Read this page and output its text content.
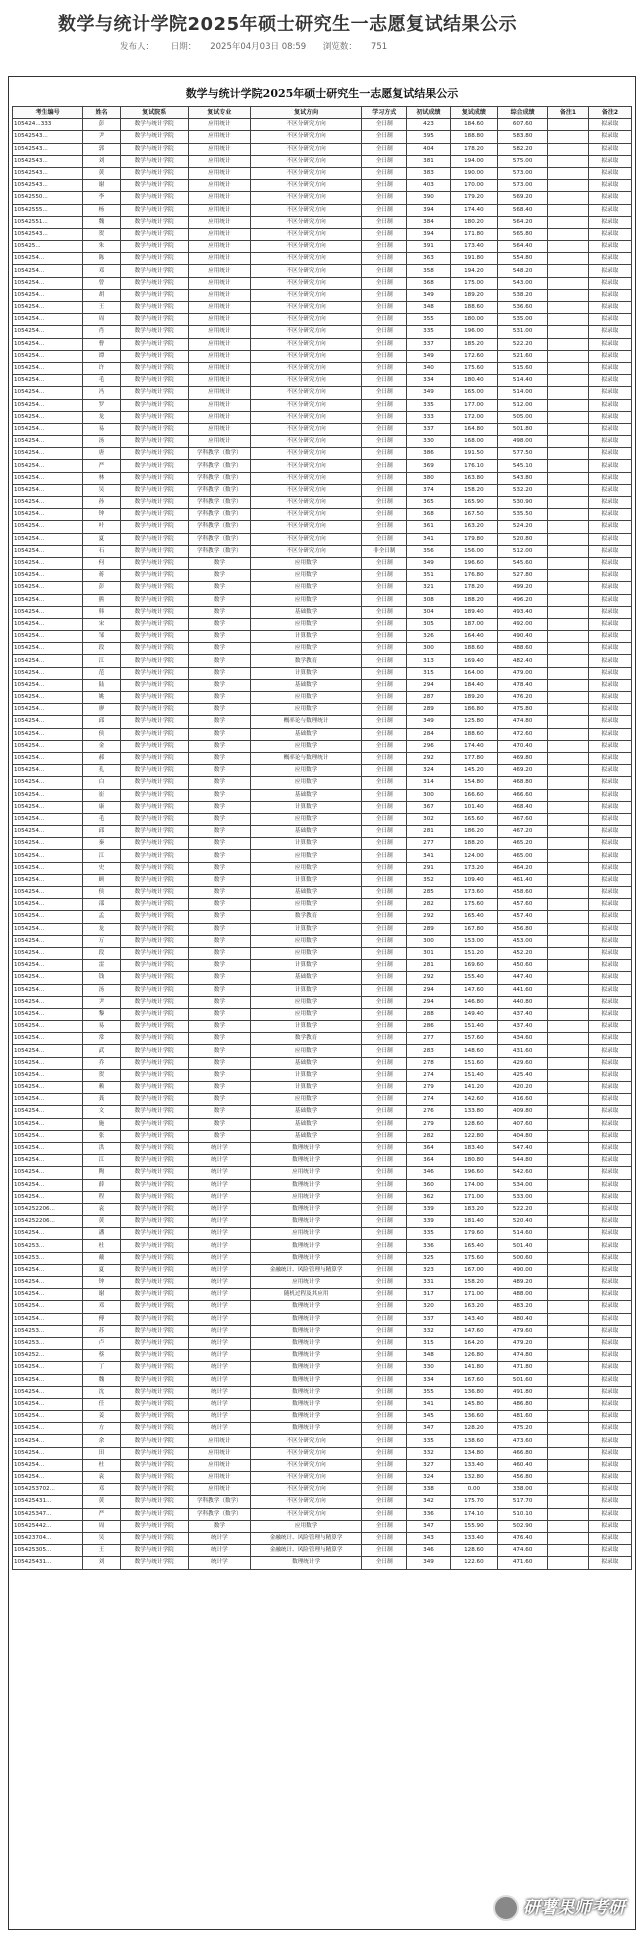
数学与统计学院2025年硕士研究生一志愿复试结果公示
发布人： 日期： 2025年04月03日 08:59 浏览数： 751
数学与统计学院2025年硕士研究生一志愿复试结果公示
考生编号	姓名	复试院系	复试专业	复试方向	学习方式	初试成绩	复试成绩	综合成绩	备注1	备注2
105424...333	彭	数学与统计学院	应用统计	不区分研究方向	全日制	423	184.60	607.60		拟录取
10542543...	尹	数学与统计学院	应用统计	不区分研究方向	全日制	395	188.80	583.80		拟录取
10542543...	郭	数学与统计学院	应用统计	不区分研究方向	全日制	404	178.20	582.20		拟录取
10542543...	刘	数学与统计学院	应用统计	不区分研究方向	全日制	381	194.00	575.00		拟录取
10542543...	黄	数学与统计学院	应用统计	不区分研究方向	全日制	383	190.00	573.00		拟录取
10542543...	谢	数学与统计学院	应用统计	不区分研究方向	全日制	403	170.00	573.00		拟录取
10542550...	李	数学与统计学院	应用统计	不区分研究方向	全日制	390	179.20	569.20		拟录取
10542555...	杨	数学与统计学院	应用统计	不区分研究方向	全日制	394	174.40	568.40		拟录取
10542551...	魏	数学与统计学院	应用统计	不区分研究方向	全日制	384	180.20	564.20		拟录取
10542543...	贺	数学与统计学院	应用统计	不区分研究方向	全日制	394	171.80	565.80		拟录取
105425...	朱	数学与统计学院	应用统计	不区分研究方向	全日制	391	173.40	564.40		拟录取
1054254...	陈	数学与统计学院	应用统计	不区分研究方向	全日制	363	191.80	554.80		拟录取
1054254...	邓	数学与统计学院	应用统计	不区分研究方向	全日制	358	194.20	548.20		拟录取
1054254...	曾	数学与统计学院	应用统计	不区分研究方向	全日制	368	175.00	543.00		拟录取
1054254...	胡	数学与统计学院	应用统计	不区分研究方向	全日制	349	189.20	538.20		拟录取
1054254...	王	数学与统计学院	应用统计	不区分研究方向	全日制	348	188.60	536.60		拟录取
1054254...	周	数学与统计学院	应用统计	不区分研究方向	全日制	355	180.00	535.00		拟录取
1054254...	肖	数学与统计学院	应用统计	不区分研究方向	全日制	335	196.00	531.00		拟录取
1054254...	曹	数学与统计学院	应用统计	不区分研究方向	全日制	337	185.20	522.20		拟录取
1054254...	谭	数学与统计学院	应用统计	不区分研究方向	全日制	349	172.60	521.60		拟录取
1054254...	许	数学与统计学院	应用统计	不区分研究方向	全日制	340	175.60	515.60		拟录取
1054254...	毛	数学与统计学院	应用统计	不区分研究方向	全日制	334	180.40	514.40		拟录取
1054254...	冯	数学与统计学院	应用统计	不区分研究方向	全日制	349	165.00	514.00		拟录取
1054254...	罗	数学与统计学院	应用统计	不区分研究方向	全日制	335	177.00	512.00		拟录取
1054254...	龙	数学与统计学院	应用统计	不区分研究方向	全日制	333	172.00	505.00		拟录取
1054254...	易	数学与统计学院	应用统计	不区分研究方向	全日制	337	164.80	501.80		拟录取
1054254...	汤	数学与统计学院	应用统计	不区分研究方向	全日制	330	168.00	498.00		拟录取
1054254...	唐	数学与统计学院	学科教学（数学）	不区分研究方向	全日制	386	191.50	577.50		拟录取
1054254...	严	数学与统计学院	学科教学（数学）	不区分研究方向	全日制	369	176.10	545.10		拟录取
1054254...	林	数学与统计学院	学科教学（数学）	不区分研究方向	全日制	380	163.80	543.80		拟录取
1054254...	吴	数学与统计学院	学科教学（数学）	不区分研究方向	全日制	374	158.20	532.20		拟录取
1054254...	孙	数学与统计学院	学科教学（数学）	不区分研究方向	全日制	365	165.90	530.90		拟录取
1054254...	钟	数学与统计学院	学科教学（数学）	不区分研究方向	全日制	368	167.50	535.50		拟录取
1054254...	叶	数学与统计学院	学科教学（数学）	不区分研究方向	全日制	361	163.20	524.20		拟录取
1054254...	夏	数学与统计学院	学科教学（数学）	不区分研究方向	全日制	341	179.80	520.80		拟录取
1054254...	石	数学与统计学院	学科教学（数学）	不区分研究方向	非全日制	356	156.00	512.00		拟录取
1054254...	何	数学与统计学院	数学	应用数学	全日制	349	196.60	545.60		拟录取
1054254...	蒋	数学与统计学院	数学	应用数学	全日制	351	176.80	527.80		拟录取
1054254...	彭	数学与统计学院	数学	应用数学	全日制	321	178.20	499.20		拟录取
1054254...	熊	数学与统计学院	数学	应用数学	全日制	308	188.20	496.20		拟录取
1054254...	韩	数学与统计学院	数学	基础数学	全日制	304	189.40	493.40		拟录取
1054254...	宋	数学与统计学院	数学	应用数学	全日制	305	187.00	492.00		拟录取
1054254...	邹	数学与统计学院	数学	计算数学	全日制	326	164.40	490.40		拟录取
1054254...	段	数学与统计学院	数学	应用数学	全日制	300	188.60	488.60		拟录取
1054254...	江	数学与统计学院	数学	数学教育	全日制	313	169.40	482.40		拟录取
1054254...	范	数学与统计学院	数学	计算数学	全日制	315	164.00	479.00		拟录取
1054254...	陆	数学与统计学院	数学	基础数学	全日制	294	184.40	478.40		拟录取
1054254...	姚	数学与统计学院	数学	应用数学	全日制	287	189.20	476.20		拟录取
1054254...	廖	数学与统计学院	数学	应用数学	全日制	289	186.80	475.80		拟录取
1054254...	邱	数学与统计学院	数学	概率论与数理统计	全日制	349	125.80	474.80		拟录取
1054254...	侯	数学与统计学院	数学	基础数学	全日制	284	188.60	472.60		拟录取
1054254...	金	数学与统计学院	数学	应用数学	全日制	296	174.40	470.40		拟录取
1054254...	郝	数学与统计学院	数学	概率论与数理统计	全日制	292	177.80	469.80		拟录取
1054254...	孔	数学与统计学院	数学	应用数学	全日制	324	145.20	469.20		拟录取
1054254...	白	数学与统计学院	数学	应用数学	全日制	314	154.80	468.80		拟录取
1054254...	崔	数学与统计学院	数学	基础数学	全日制	300	166.60	466.60		拟录取
1054254...	康	数学与统计学院	数学	计算数学	全日制	367	101.40	468.40		拟录取
1054254...	毛	数学与统计学院	数学	应用数学	全日制	302	165.60	467.60		拟录取
1054254...	邱	数学与统计学院	数学	基础数学	全日制	281	186.20	467.20		拟录取
1054254...	秦	数学与统计学院	数学	计算数学	全日制	277	188.20	465.20		拟录取
1054254...	江	数学与统计学院	数学	应用数学	全日制	341	124.00	465.00		拟录取
1054254...	史	数学与统计学院	数学	应用数学	全日制	291	173.20	464.20		拟录取
1054254...	顾	数学与统计学院	数学	计算数学	全日制	352	109.40	461.40		拟录取
1054254...	侯	数学与统计学院	数学	基础数学	全日制	285	173.60	458.60		拟录取
1054254...	邵	数学与统计学院	数学	应用数学	全日制	282	175.60	457.60		拟录取
1054254...	孟	数学与统计学院	数学	数学教育	全日制	292	165.40	457.40		拟录取
1054254...	龙	数学与统计学院	数学	计算数学	全日制	289	167.80	456.80		拟录取
1054254...	万	数学与统计学院	数学	应用数学	全日制	300	153.00	453.00		拟录取
1054254...	段	数学与统计学院	数学	应用数学	全日制	301	151.20	452.20		拟录取
1054254...	雷	数学与统计学院	数学	计算数学	全日制	281	169.60	450.60		拟录取
1054254...	钱	数学与统计学院	数学	基础数学	全日制	292	155.40	447.40		拟录取
1054254...	汤	数学与统计学院	数学	计算数学	全日制	294	147.60	441.60		拟录取
1054254...	尹	数学与统计学院	数学	应用数学	全日制	294	146.80	440.80		拟录取
1054254...	黎	数学与统计学院	数学	应用数学	全日制	288	149.40	437.40		拟录取
1054254...	易	数学与统计学院	数学	计算数学	全日制	286	151.40	437.40		拟录取
1054254...	常	数学与统计学院	数学	数学教育	全日制	277	157.60	434.60		拟录取
1054254...	武	数学与统计学院	数学	应用数学	全日制	283	148.60	431.60		拟录取
1054254...	乔	数学与统计学院	数学	基础数学	全日制	278	151.60	429.60		拟录取
1054254...	贺	数学与统计学院	数学	计算数学	全日制	274	151.40	425.40		拟录取
1054254...	赖	数学与统计学院	数学	计算数学	全日制	279	141.20	420.20		拟录取
1054254...	龚	数学与统计学院	数学	应用数学	全日制	274	142.60	416.60		拟录取
1054254...	文	数学与统计学院	数学	基础数学	全日制	276	133.80	409.80		拟录取
1054254...	施	数学与统计学院	数学	基础数学	全日制	279	128.60	407.60		拟录取
1054254...	张	数学与统计学院	数学	基础数学	全日制	282	122.80	404.80		拟录取
1054254...	洪	数学与统计学院	统计学	数理统计学	全日制	364	183.40	547.40		拟录取
1054254...	江	数学与统计学院	统计学	数理统计学	全日制	364	180.80	544.80		拟录取
1054254...	陶	数学与统计学院	统计学	应用统计学	全日制	346	196.60	542.60		拟录取
1054254...	薛	数学与统计学院	统计学	数理统计学	全日制	360	174.00	534.00		拟录取
1054254...	程	数学与统计学院	统计学	应用统计学	全日制	362	171.00	533.00		拟录取
1054252206...	袁	数学与统计学院	统计学	数理统计学	全日制	339	183.20	522.20		拟录取
1054252206...	黄	数学与统计学院	统计学	数理统计学	全日制	339	181.40	520.40		拟录取
1054254...	潘	数学与统计学院	统计学	应用统计学	全日制	335	179.60	514.60		拟录取
1054253...	杜	数学与统计学院	统计学	数理统计学	全日制	336	165.40	501.40		拟录取
1054253...	戴	数学与统计学院	统计学	数理统计学	全日制	325	175.60	500.60		拟录取
1054254...	夏	数学与统计学院	统计学	金融统计、风险管理与精算学	全日制	323	167.00	490.00		拟录取
1054254...	钟	数学与统计学院	统计学	应用统计学	全日制	331	158.20	489.20		拟录取
1054254...	谢	数学与统计学院	统计学	随机过程及其应用	全日制	317	171.00	488.00		拟录取
1054254...	邓	数学与统计学院	统计学	数理统计学	全日制	320	163.20	483.20		拟录取
1054254...	傅	数学与统计学院	统计学	数理统计学	全日制	337	143.40	480.40		拟录取
1054253...	苏	数学与统计学院	统计学	数理统计学	全日制	332	147.60	479.60		拟录取
1054253...	卢	数学与统计学院	统计学	数理统计学	全日制	315	164.20	479.20		拟录取
1054252...	蔡	数学与统计学院	统计学	数理统计学	全日制	348	126.80	474.80		拟录取
1054254...	丁	数学与统计学院	统计学	数理统计学	全日制	330	141.80	471.80		拟录取
1054254...	魏	数学与统计学院	统计学	数理统计学	全日制	334	167.60	501.60		拟录取
1054254...	沈	数学与统计学院	统计学	数理统计学	全日制	355	136.80	491.80		拟录取
1054254...	任	数学与统计学院	统计学	数理统计学	全日制	341	145.80	486.80		拟录取
1054254...	姜	数学与统计学院	统计学	数理统计学	全日制	345	136.60	481.60		拟录取
1054254...	方	数学与统计学院	统计学	数理统计学	全日制	347	128.20	475.20		拟录取
1054254...	余	数学与统计学院	应用统计	不区分研究方向	全日制	335	138.60	473.60		拟录取
1054254...	田	数学与统计学院	应用统计	不区分研究方向	全日制	332	134.80	466.80		拟录取
1054254...	杜	数学与统计学院	应用统计	不区分研究方向	全日制	327	133.40	460.40		拟录取
1054254...	袁	数学与统计学院	应用统计	不区分研究方向	全日制	324	132.80	456.80		拟录取
1054253702...	邓	数学与统计学院	应用统计	不区分研究方向	全日制	338	0.00	338.00		拟录取
105425431...	黄	数学与统计学院	学科教学（数学）	不区分研究方向	全日制	342	175.70	517.70		拟录取
105425347...	严	数学与统计学院	学科教学（数学）	不区分研究方向	全日制	336	174.10	510.10		拟录取
105425442...	周	数学与统计学院	数学	应用数学	全日制	347	155.90	502.90		拟录取
105423704...	吴	数学与统计学院	统计学	金融统计、风险管理与精算学	全日制	343	133.40	476.40		拟录取
105425305...	王	数学与统计学院	统计学	金融统计、风险管理与精算学	全日制	346	128.60	474.60		拟录取
105425431...	刘	数学与统计学院	统计学	数理统计学	全日制	349	122.60	471.60		拟录取
研薯果师考研
